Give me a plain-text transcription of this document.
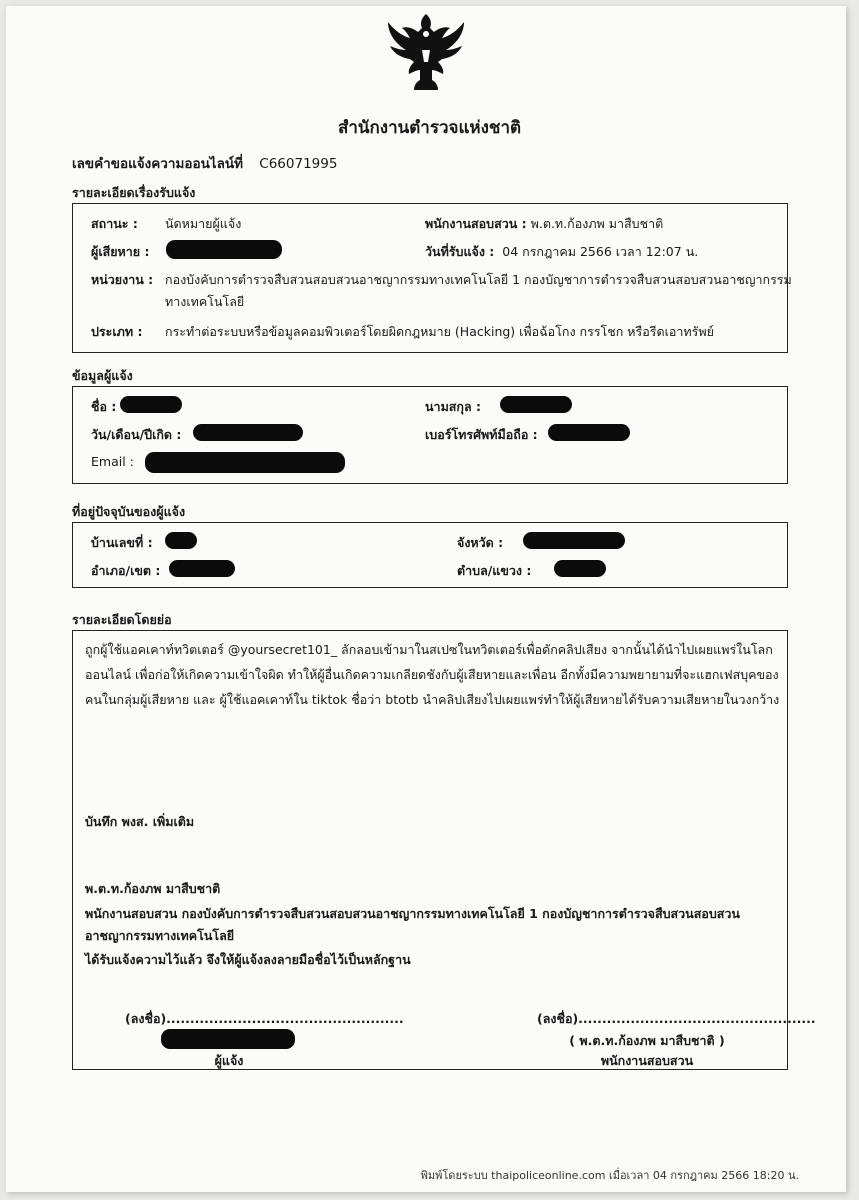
สำนักงานตำรวจแห่งชาติ
เลขคำขอแจ้งความออนไลน์ที่ C66071995
รายละเอียดเรื่องรับแจ้ง
สถานะ : นัดหมายผู้แจ้ง	พนักงานสอบสวน : พ.ต.ท.ก้องภพ มาสืบชาติ
ผู้เสียหาย :	วันที่รับแจ้ง : 04 กรกฎาคม 2566 เวลา 12:07 น.
หน่วยงาน : กองบังคับการตำรวจสืบสวนสอบสวนอาชญากรรมทางเทคโนโลยี 1 กองบัญชาการตำรวจสืบสวนสอบสวนอาชญากรรม
ทางเทคโนโลยี
ประเภท : กระทำต่อระบบหรือข้อมูลคอมพิวเตอร์โดยผิดกฎหมาย (Hacking) เพื่อฉ้อโกง กรรโชก หรือรีดเอาทรัพย์
ข้อมูลผู้แจ้ง
ชื่อ :	นามสกุล :
วัน/เดือน/ปีเกิด :	เบอร์โทรศัพท์มือถือ :
Email :
ที่อยู่ปัจจุบันของผู้แจ้ง
บ้านเลขที่ :	จังหวัด :
อำเภอ/เขต :	ตำบล/แขวง :
รายละเอียดโดยย่อ
ถูกผู้ใช้แอคเคาท์ทวิตเตอร์ @yoursecret101_ ลักลอบเข้ามาในสเปซในทวิตเตอร์เพื่อดักคลิปเสียง จากนั้นได้นำไปเผยแพร่ในโลก
ออนไลน์ เพื่อก่อให้เกิดความเข้าใจผิด ทำให้ผู้อื่นเกิดความเกลียดชังกับผู้เสียหายและเพื่อน อีกทั้งมีความพยายามที่จะแฮกเฟสบุคของ
คนในกลุ่มผู้เสียหาย และ ผู้ใช้แอคเคาท์ใน tiktok ชื่อว่า btotb นำคลิปเสียงไปเผยแพร่ทำให้ผู้เสียหายได้รับความเสียหายในวงกว้าง
บันทึก พงส. เพิ่มเติม
พ.ต.ท.ก้องภพ มาสืบชาติ
พนักงานสอบสวน กองบังคับการตำรวจสืบสวนสอบสวนอาชญากรรมทางเทคโนโลยี 1 กองบัญชาการตำรวจสืบสวนสอบสวน
อาชญากรรมทางเทคโนโลยี
ได้รับแจ้งความไว้แล้ว จึงให้ผู้แจ้งลงลายมือชื่อไว้เป็นหลักฐาน
(ลงชื่อ)..................................................
ผู้แจ้ง
(ลงชื่อ)..................................................
( พ.ต.ท.ก้องภพ มาสืบชาติ )
พนักงานสอบสวน
พิมพ์โดยระบบ thaipoliceonline.com เมื่อเวลา 04 กรกฎาคม 2566 18:20 น.
